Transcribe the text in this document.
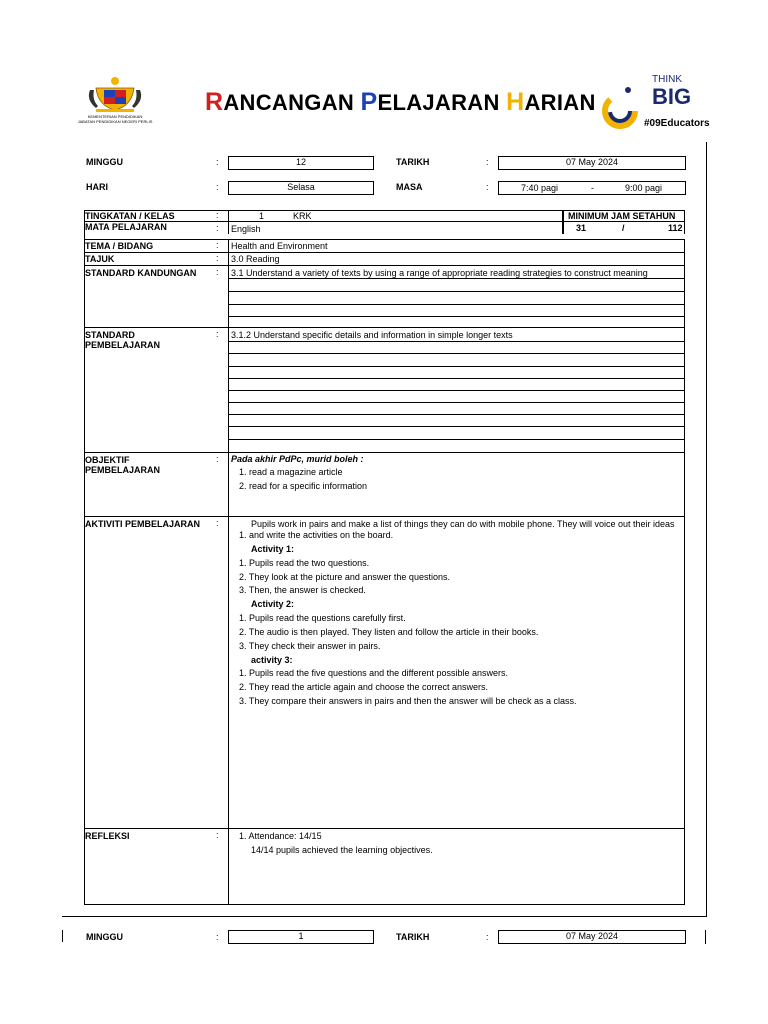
KEMENTERIAN PENDIDIKAN
JABATAN PENDIDIKAN NEGERI PERLIS
RANCANGAN PELAJARAN HARIAN
THINK
BIG
#09Educators
MINGGU	:	12	TARIKH	:	07 May 2024
HARI	:	Selasa	MASA	:	7:40 pagi	-	9:00 pagi
TINGKATAN / KELAS	:	1	KRK	MINIMUM JAM SETAHUN
MATA PELAJARAN	:	English	31	/	112
TEMA / BIDANG	:	Health and Environment
TAJUK	:	3.0 Reading
STANDARD KANDUNGAN	:	3.1 Understand a variety of texts by using a range of appropriate reading strategies to construct meaning
STANDARD
PEMBELAJARAN
:	3.1.2 Understand specific details and information in simple longer texts
OBJEKTIF
PEMBELAJARAN
: Pada akhir PdPc, murid boleh :
1. read a magazine article
2. read for a specific information
AKTIVITI PEMBELAJARAN	:	Pupils work in pairs and make a list of things they can do with mobile phone. They will voice out their ideas
1. and write the activities on the board.
Activity 1:
1. Pupils read the two questions.
2. They look at the picture and answer the questions.
3. Then, the answer is checked.
Activity 2:
1. Pupils read the questions carefully first.
2. The audio is then played. They listen and follow the article in their books.
3. They check their answer in pairs.
activity 3:
1. Pupils read the five questions and the different possible answers.
2. They read the article again and choose the correct answers.
3. They compare their answers in pairs and then the answer will be check as a class.
REFLEKSI	: 1. Attendance: 14/15
14/14 pupils achieved the learning objectives.
MINGGU	:	1	TARIKH	:	07 May 2024
